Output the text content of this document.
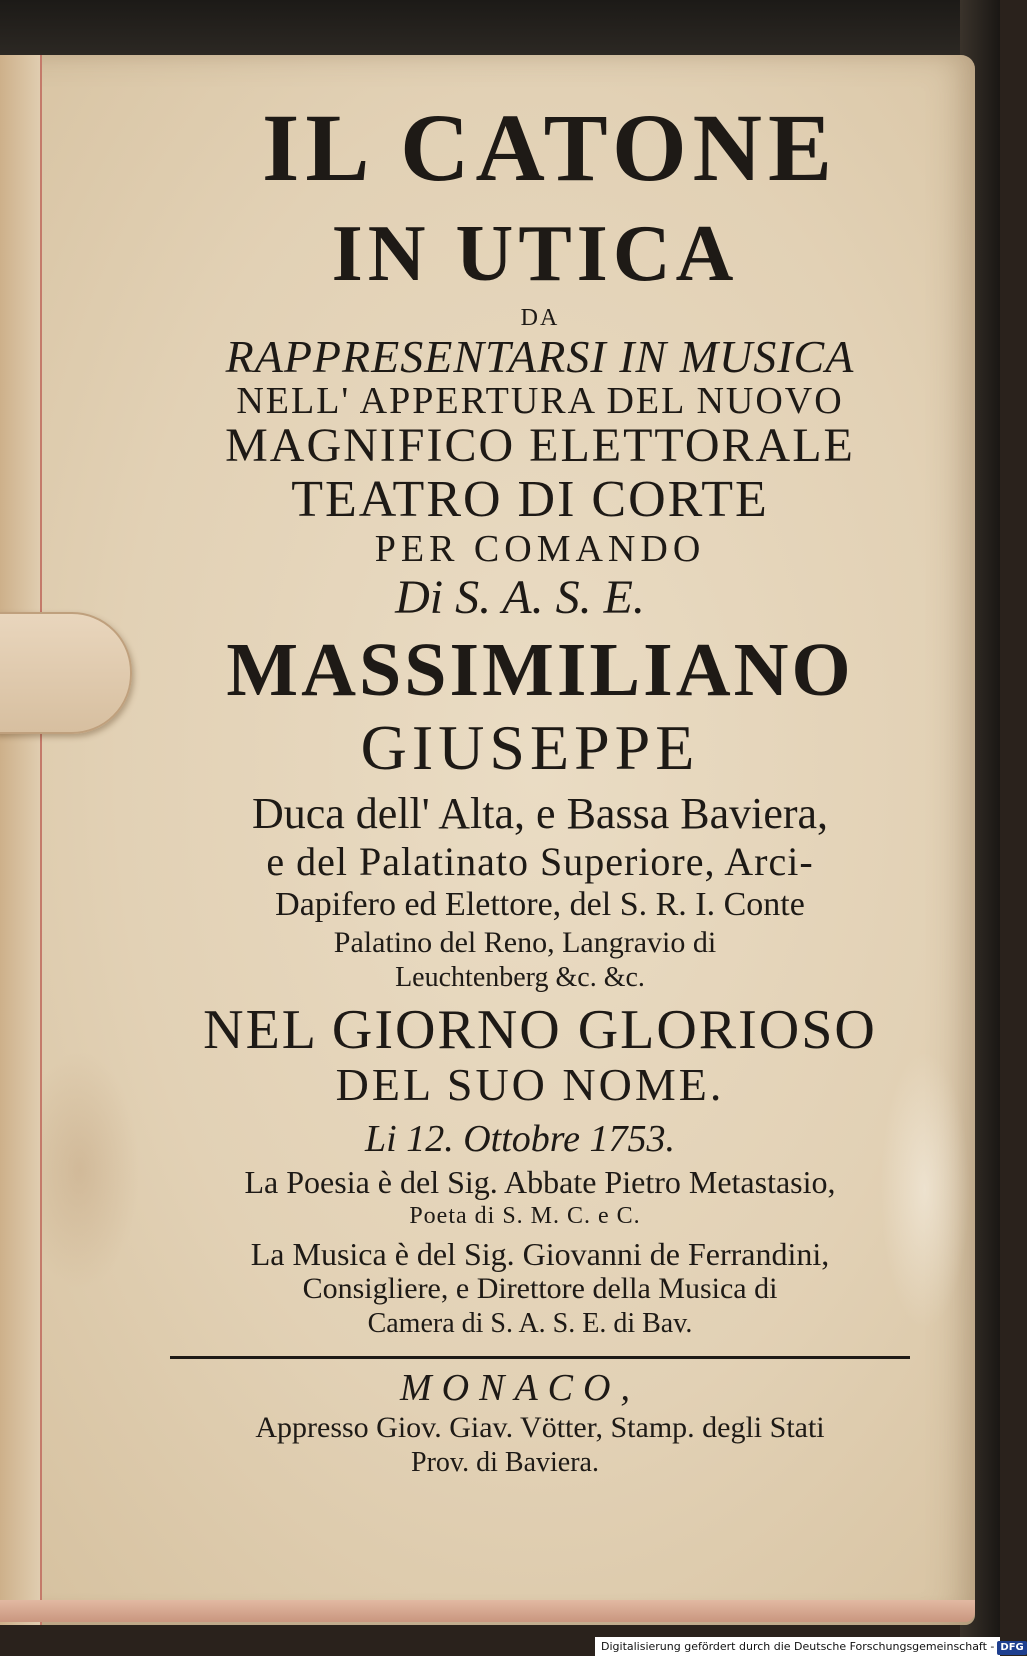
IL CATONE
IN UTICA
DA
RAPPRESENTARSI IN MUSICA
NELL' APPERTURA DEL NUOVO
MAGNIFICO ELETTORALE
TEATRO DI CORTE
PER COMANDO
Di S. A. S. E.
MASSIMILIANO
GIUSEPPE
Duca dell' Alta, e Bassa Baviera,
e del Palatinato Superiore, Arci-
Dapifero ed Elettore, del S. R. I. Conte
Palatino del Reno, Langravio di
Leuchtenberg &c. &c.
NEL GIORNO GLORIOSO
DEL SUO NOME.
Li 12. Ottobre 1753.
La Poesia è del Sig. Abbate Pietro Metastasio,
Poeta di S. M. C. e C.
La Musica è del Sig. Giovanni de Ferrandini,
Consigliere, e Direttore della Musica di
Camera di S. A. S. E. di Bav.
MONACO,
Appresso Giov. Giav. Vötter, Stamp. degli Stati
Prov. di Baviera.
Digitalisierung gefördert durch die Deutsche Forschungsgemeinschaft - DFG
